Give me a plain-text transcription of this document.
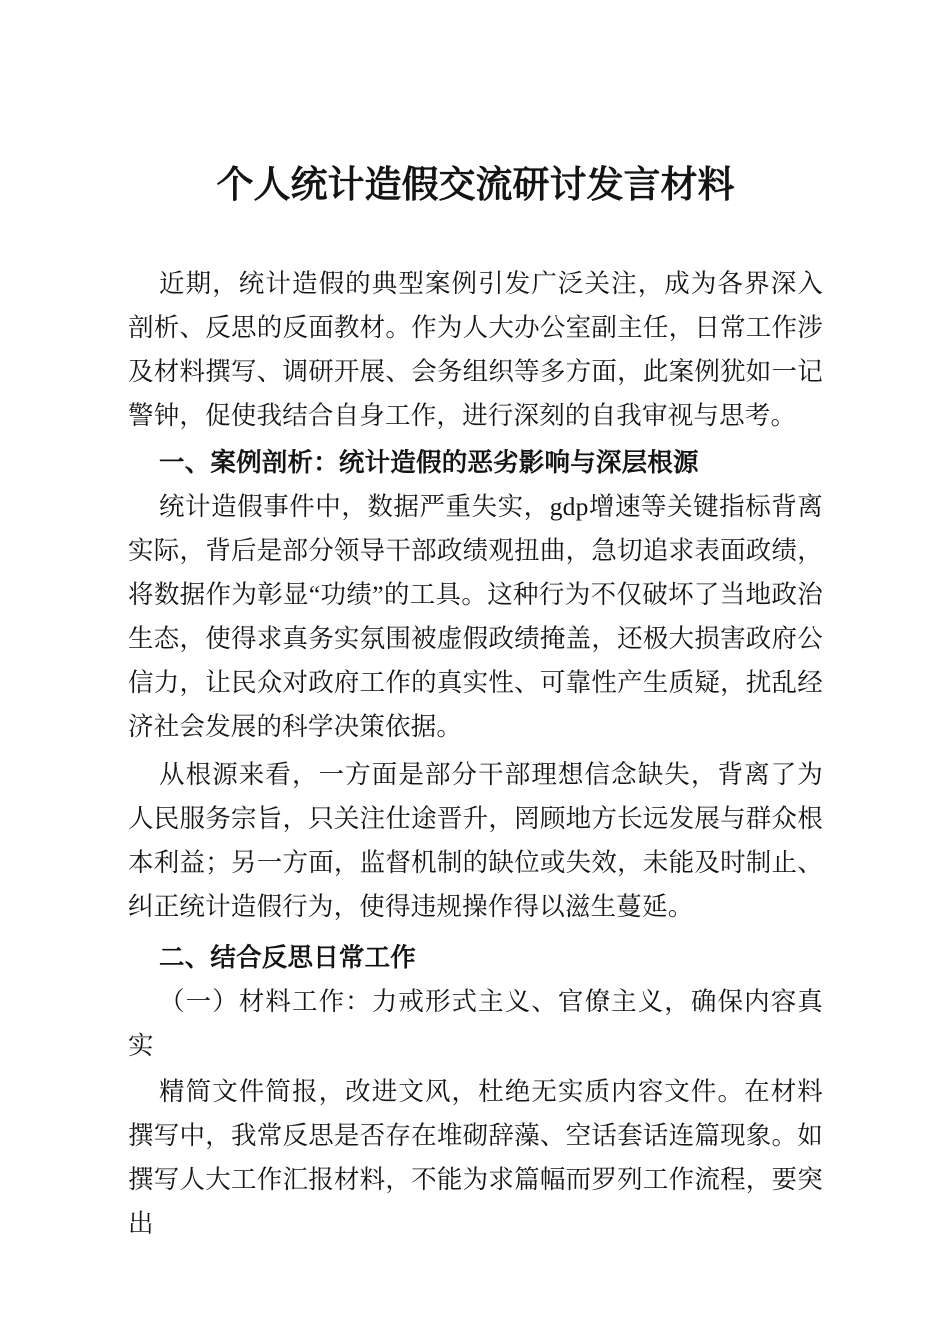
个人统计造假交流研讨发言材料

近期，统计造假的典型案例引发广泛关注，成为各界深入剖析、反思的反面教材。作为人大办公室副主任，日常工作涉及材料撰写、调研开展、会务组织等多方面，此案例犹如一记警钟，促使我结合自身工作，进行深刻的自我审视与思考。

一、案例剖析：统计造假的恶劣影响与深层根源

统计造假事件中，数据严重失实，gdp增速等关键指标背离实际，背后是部分领导干部政绩观扭曲，急切追求表面政绩，将数据作为彰显“功绩”的工具。这种行为不仅破坏了当地政治生态，使得求真务实氛围被虚假政绩掩盖，还极大损害政府公信力，让民众对政府工作的真实性、可靠性产生质疑，扰乱经济社会发展的科学决策依据。

从根源来看，一方面是部分干部理想信念缺失，背离了为人民服务宗旨，只关注仕途晋升，罔顾地方长远发展与群众根本利益；另一方面，监督机制的缺位或失效，未能及时制止、纠正统计造假行为，使得违规操作得以滋生蔓延。

二、结合反思日常工作

（一）材料工作：力戒形式主义、官僚主义，确保内容真实

精简文件简报，改进文风，杜绝无实质内容文件。在材料撰写中，我常反思是否存在堆砌辞藻、空话套话连篇现象。如撰写人大工作汇报材料，不能为求篇幅而罗列工作流程，要突出
